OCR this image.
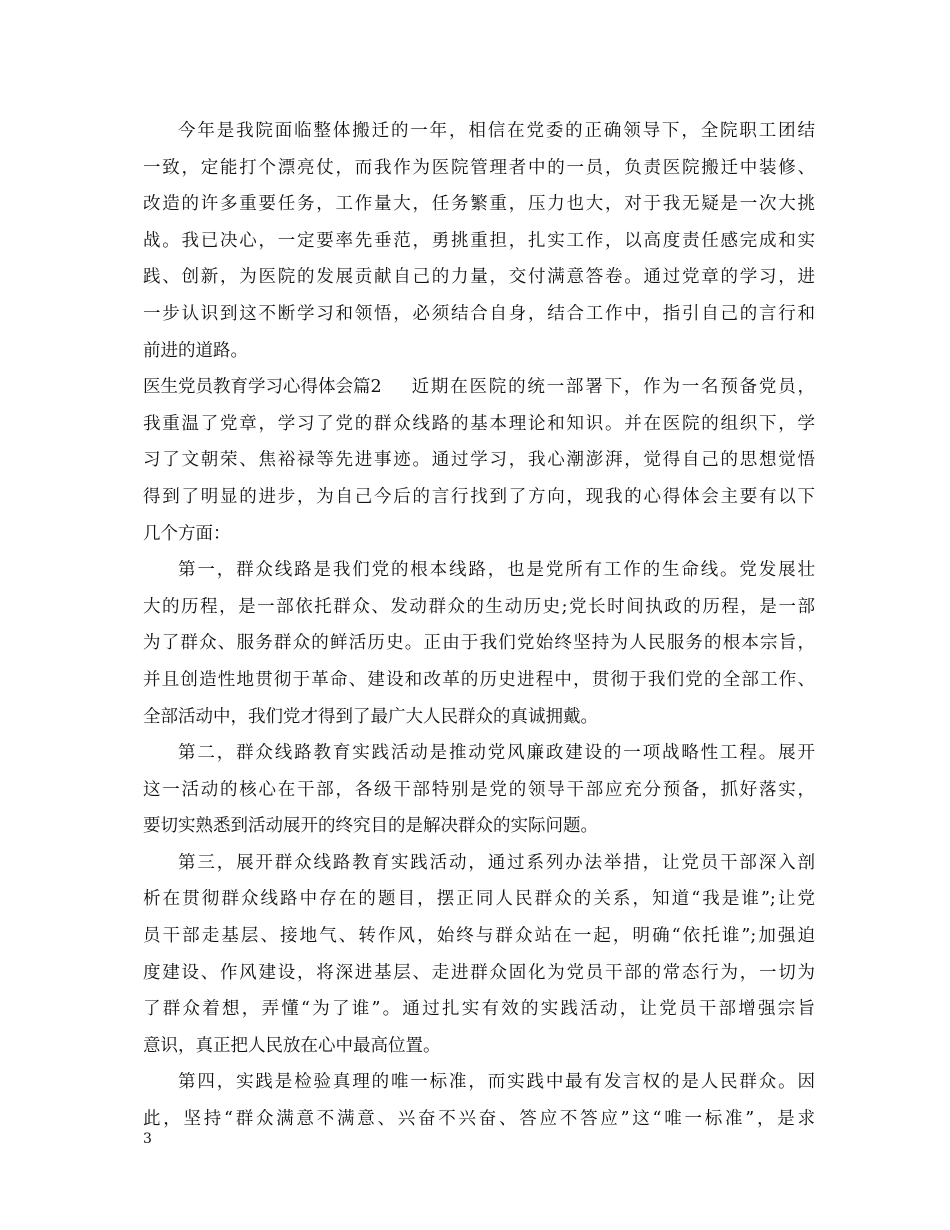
今年是我院面临整体搬迁的一年，相信在党委的正确领导下，全院职工团结
一致，定能打个漂亮仗，而我作为医院管理者中的一员，负责医院搬迁中装修、
改造的许多重要任务，工作量大，任务繁重，压力也大，对于我无疑是一次大挑
战。我已决心，一定要率先垂范，勇挑重担，扎实工作，以高度责任感完成和实
践、创新，为医院的发展贡献自己的力量，交付满意答卷。通过党章的学习，进
一步认识到这不断学习和领悟，必须结合自身，结合工作中，指引自己的言行和
前进的道路。
医生党员教育学习心得体会篇2 近期在医院的统一部署下，作为一名预备党员，
我重温了党章，学习了党的群众线路的基本理论和知识。并在医院的组织下，学
习了文朝荣、焦裕禄等先进事迹。通过学习，我心潮澎湃，觉得自己的思想觉悟
得到了明显的进步，为自己今后的言行找到了方向，现我的心得体会主要有以下
几个方面：
第一，群众线路是我们党的根本线路，也是党所有工作的生命线。党发展壮
大的历程，是一部依托群众、发动群众的生动历史;党长时间执政的历程，是一部
为了群众、服务群众的鲜活历史。正由于我们党始终坚持为人民服务的根本宗旨，
并且创造性地贯彻于革命、建设和改革的历史进程中，贯彻于我们党的全部工作、
全部活动中，我们党才得到了最广大人民群众的真诚拥戴。
第二，群众线路教育实践活动是推动党风廉政建设的一项战略性工程。展开
这一活动的核心在干部，各级干部特别是党的领导干部应充分预备，抓好落实，
要切实熟悉到活动展开的终究目的是解决群众的实际问题。
第三，展开群众线路教育实践活动，通过系列办法举措，让党员干部深入剖
析在贯彻群众线路中存在的题目，摆正同人民群众的关系，知道“我是谁”;让党
员干部走基层、接地气、转作风，始终与群众站在一起，明确“依托谁”;加强迫
度建设、作风建设，将深进基层、走进群众固化为党员干部的常态行为，一切为
了群众着想，弄懂“为了谁”。通过扎实有效的实践活动，让党员干部增强宗旨
意识，真正把人民放在心中最高位置。
第四，实践是检验真理的唯一标准，而实践中最有发言权的是人民群众。因
此，坚持“群众满意不满意、兴奋不兴奋、答应不答应”这“唯一标准”，是求
3
